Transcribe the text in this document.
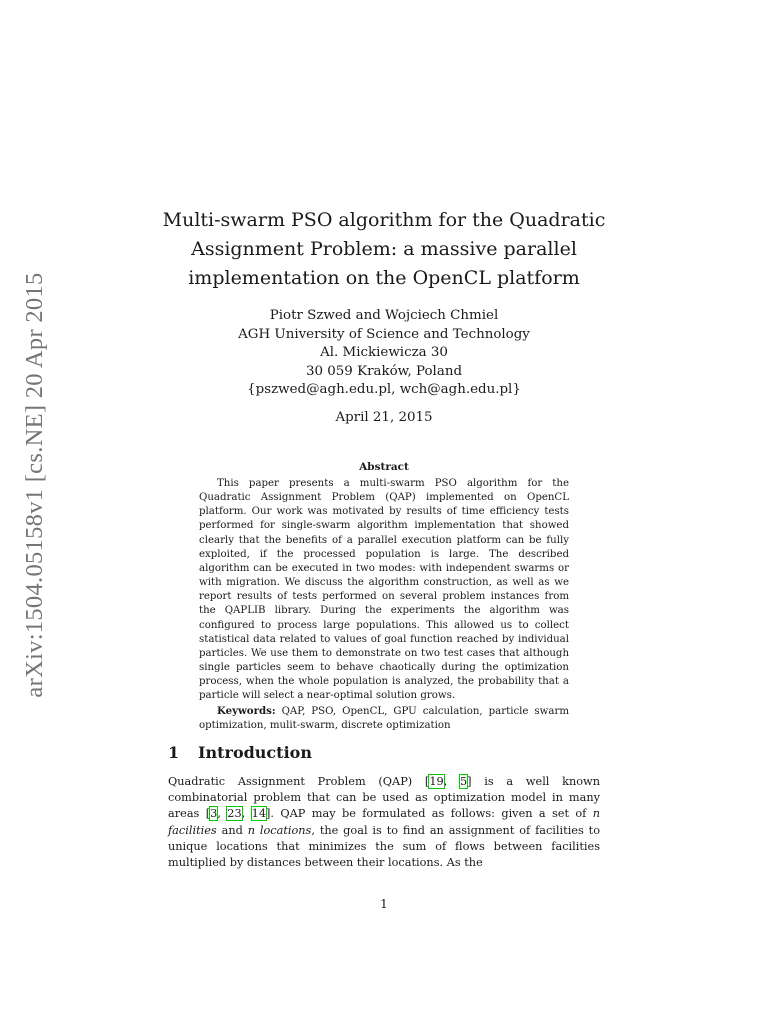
arXiv:1504.05158v1 [cs.NE] 20 Apr 2015
Multi-swarm PSO algorithm for the Quadratic
Assignment Problem: a massive parallel
implementation on the OpenCL platform
Piotr Szwed and Wojciech Chmiel
AGH University of Science and Technology
Al. Mickiewicza 30
30 059 Kraków, Poland
{pszwed@agh.edu.pl, wch@agh.edu.pl}
April 21, 2015
Abstract

This paper presents a multi-swarm PSO algorithm for the Quadratic Assignment Problem (QAP) implemented on OpenCL platform. Our work was motivated by results of time efficiency tests performed for single-swarm algorithm implementation that showed clearly that the benefits of a parallel execution platform can be fully exploited, if the processed population is large. The described algorithm can be executed in two modes: with independent swarms or with migration. We discuss the algorithm construction, as well as we report results of tests performed on several problem instances from the QAPLIB library. During the experiments the algorithm was configured to process large populations. This allowed us to collect statistical data related to values of goal function reached by individual particles. We use them to demonstrate on two test cases that although single particles seem to behave chaotically during the optimization process, when the whole population is analyzed, the probability that a particle will select a near-optimal solution grows.

Keywords: QAP, PSO, OpenCL, GPU calculation, particle swarm optimization, mulit-swarm, discrete optimization

1 Introduction

Quadratic Assignment Problem (QAP) [19, 5] is a well known combinatorial problem that can be used as optimization model in many areas [3, 23, 14]. QAP may be formulated as follows: given a set of n facilities and n locations, the goal is to find an assignment of facilities to unique locations that minimizes the sum of flows between facilities multiplied by distances between their locations. As the

1
